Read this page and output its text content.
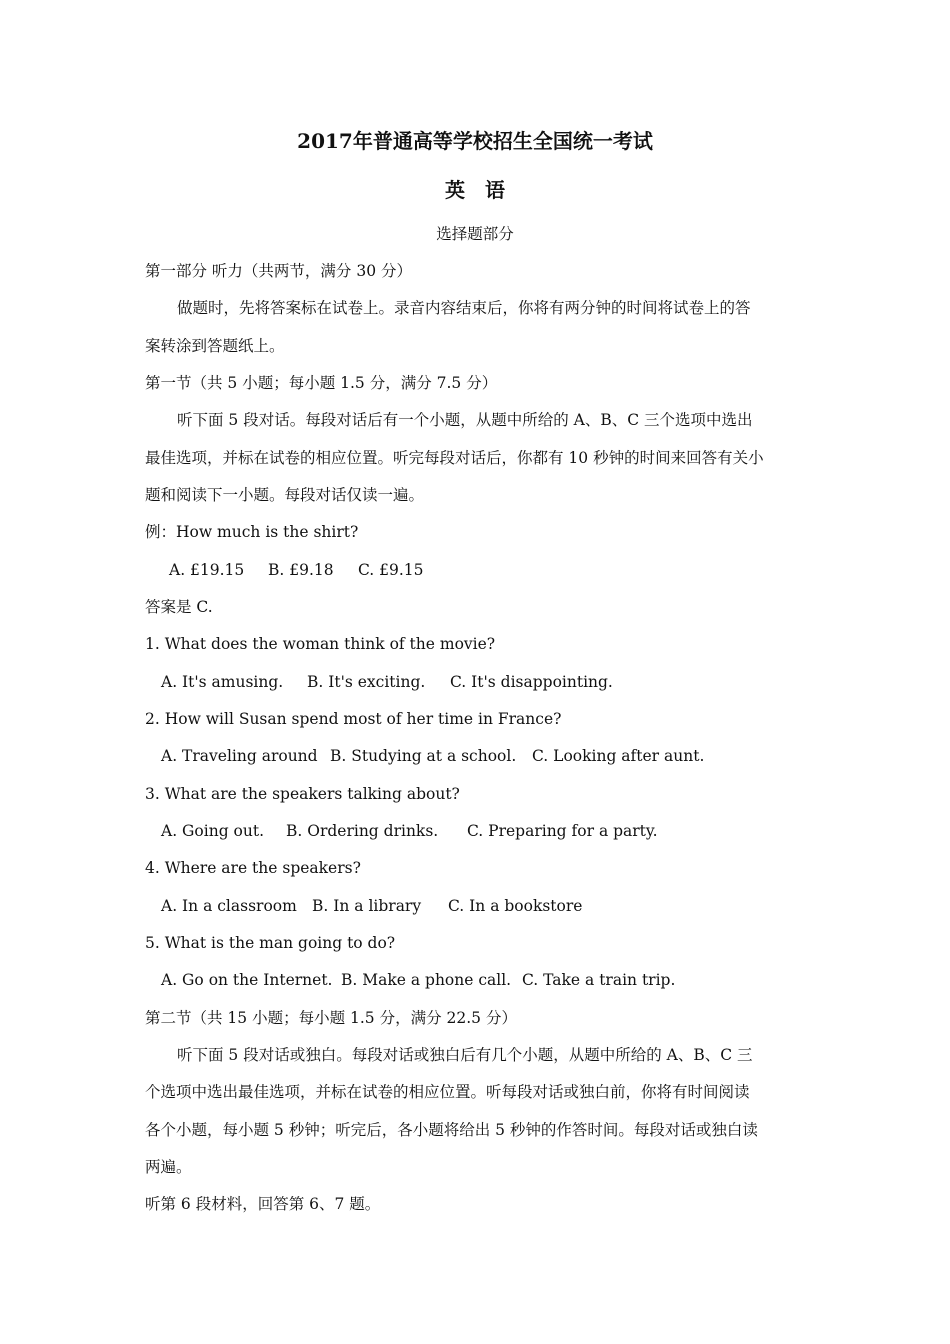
2017年普通高等学校招生全国统一考试
英　语
选择题部分
第一部分 听力（共两节，满分 30 分）
做题时，先将答案标在试卷上。录音内容结束后，你将有两分钟的时间将试卷上的答
案转涂到答题纸上。
第一节（共 5 小题；每小题 1.5 分，满分 7.5 分）
听下面 5 段对话。每段对话后有一个小题，从题中所给的 A、B、C 三个选项中选出
最佳选项，并标在试卷的相应位置。听完每段对话后，你都有 10 秒钟的时间来回答有关小
题和阅读下一小题。每段对话仅读一遍。
例：How much is the shirt?
A. £19.15 B. £9.18 C. £9.15
答案是 C.
1. What does the woman think of the movie?
A. It's amusing. B. It's exciting. C. It's disappointing.
2. How will Susan spend most of her time in France?
A. Traveling around B. Studying at a school. C. Looking after aunt.
3. What are the speakers talking about?
A. Going out. B. Ordering drinks. C. Preparing for a party.
4. Where are the speakers?
A. In a classroom B. In a library C. In a bookstore
5. What is the man going to do?
A. Go on the Internet. B. Make a phone call. C. Take a train trip.
第二节（共 15 小题；每小题 1.5 分，满分 22.5 分）
听下面 5 段对话或独白。每段对话或独白后有几个小题，从题中所给的 A、B、C 三
个选项中选出最佳选项，并标在试卷的相应位置。听每段对话或独白前，你将有时间阅读
各个小题，每小题 5 秒钟；听完后，各小题将给出 5 秒钟的作答时间。每段对话或独白读
两遍。
听第 6 段材料，回答第 6、7 题。
